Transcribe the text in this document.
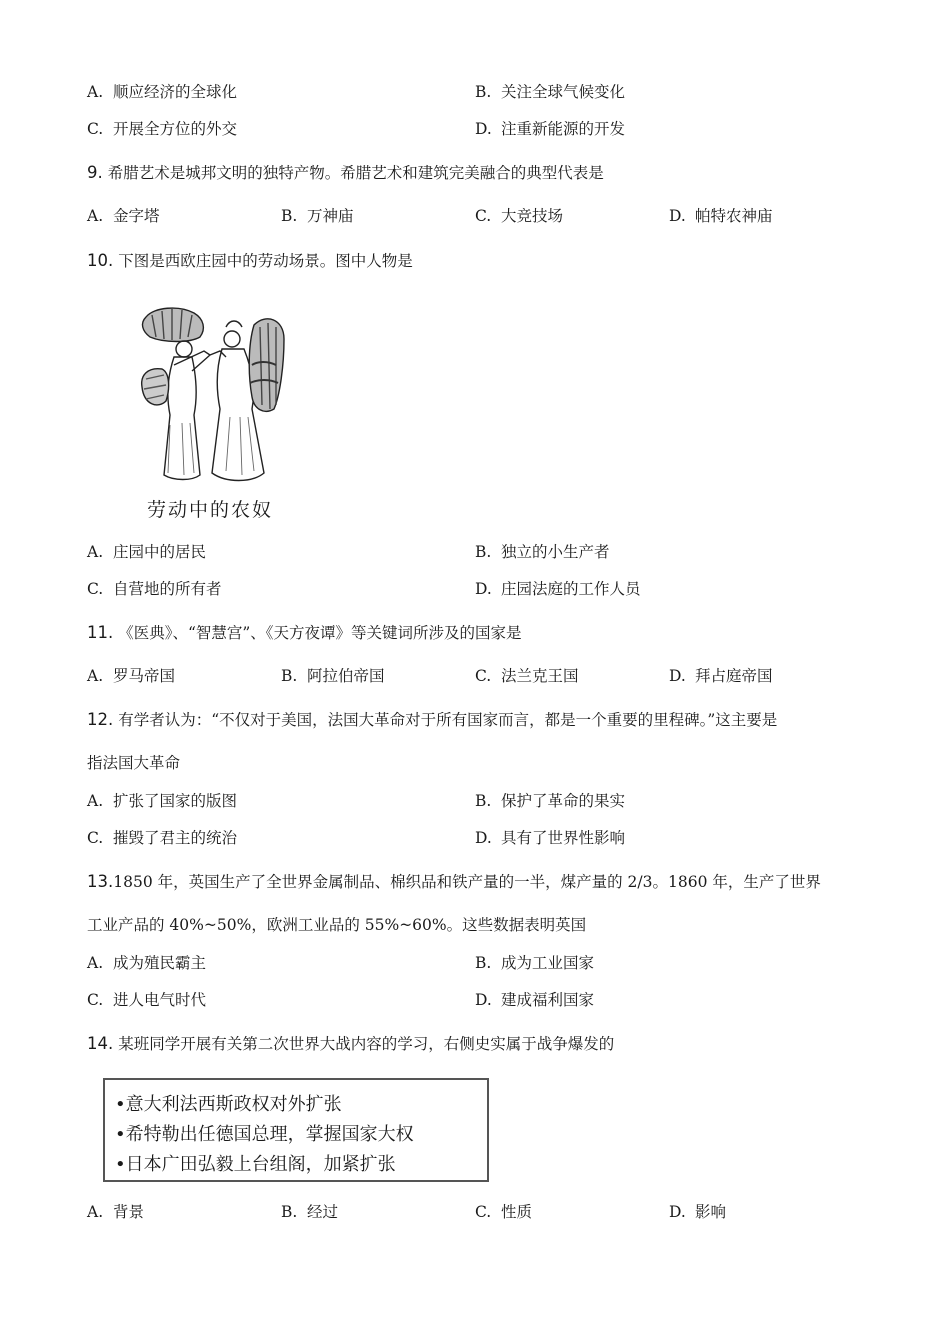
A. 顺应经济的全球化	B. 关注全球气候变化
C. 开展全方位的外交	D. 注重新能源的开发
9. 希腊艺术是城邦文明的独特产物。希腊艺术和建筑完美融合的典型代表是
A. 金字塔	B. 万神庙	C. 大竞技场	D. 帕特农神庙
10. 下图是西欧庄园中的劳动场景。图中人物是
劳动中的农奴
A. 庄园中的居民	B. 独立的小生产者
C. 自营地的所有者	D. 庄园法庭的工作人员
11. 《医典》、“智慧宫”、《天方夜谭》等关键词所涉及的国家是
A. 罗马帝国	B. 阿拉伯帝国	C. 法兰克王国	D. 拜占庭帝国
12. 有学者认为：“不仅对于美国，法国大革命对于所有国家而言，都是一个重要的里程碑。”这主要是
指法国大革命
A. 扩张了国家的版图	B. 保护了革命的果实
C. 摧毁了君主的统治	D. 具有了世界性影响
13.1850 年，英国生产了全世界金属制品、棉织品和铁产量的一半，煤产量的 2/3。1860 年，生产了世界
工业产品的 40%~50%，欧洲工业品的 55%~60%。这些数据表明英国
A. 成为殖民霸主	B. 成为工业国家
C. 进人电气时代	D. 建成福利国家
14. 某班同学开展有关第二次世界大战内容的学习，右侧史实属于战争爆发的
•意大利法西斯政权对外扩张
•希特勒出任德国总理，掌握国家大权
•日本广田弘毅上台组阁，加紧扩张
A. 背景	B. 经过	C. 性质	D. 影响
